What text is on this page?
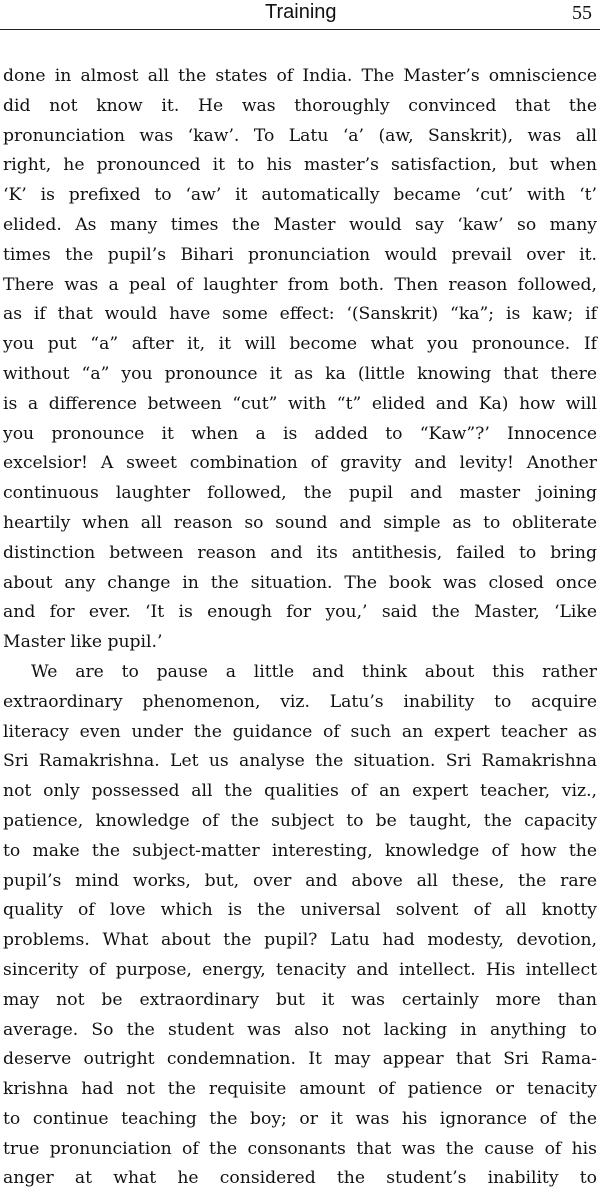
Training	55
done in almost all the states of India. The Master’s omniscience
did not know it. He was thoroughly convinced that the
pronunciation was ‘kaw’. To Latu ‘a’ (aw, Sanskrit), was all
right, he pronounced it to his master’s satisfaction, but when
‘K’ is prefixed to ‘aw’ it automatically became ‘cut’ with ‘t’
elided. As many times the Master would say ‘kaw’ so many
times the pupil’s Bihari pronunciation would prevail over it.
There was a peal of laughter from both. Then reason followed,
as if that would have some effect: ‘(Sanskrit) “ka”; is kaw; if
you put “a” after it, it will become what you pronounce. If
without “a” you pronounce it as ka (little knowing that there
is a difference between “cut” with “t” elided and Ka) how will
you pronounce it when a is added to “Kaw”?’ Innocence
excelsior! A sweet combination of gravity and levity! Another
continuous laughter followed, the pupil and master joining
heartily when all reason so sound and simple as to obliterate
distinction between reason and its antithesis, failed to bring
about any change in the situation. The book was closed once
and for ever. ‘It is enough for you,’ said the Master, ‘Like
Master like pupil.’
We are to pause a little and think about this rather
extraordinary phenomenon, viz. Latu’s inability to acquire
literacy even under the guidance of such an expert teacher as
Sri Ramakrishna. Let us analyse the situation. Sri Ramakrishna
not only possessed all the qualities of an expert teacher, viz.,
patience, knowledge of the subject to be taught, the capacity
to make the subject-matter interesting, knowledge of how the
pupil’s mind works, but, over and above all these, the rare
quality of love which is the universal solvent of all knotty
problems. What about the pupil? Latu had modesty, devotion,
sincerity of purpose, energy, tenacity and intellect. His intellect
may not be extraordinary but it was certainly more than
average. So the student was also not lacking in anything to
deserve outright condemnation. It may appear that Sri Rama-
krishna had not the requisite amount of patience or tenacity
to continue teaching the boy; or it was his ignorance of the
true pronunciation of the consonants that was the cause of his
anger at what he considered the student’s inability to
